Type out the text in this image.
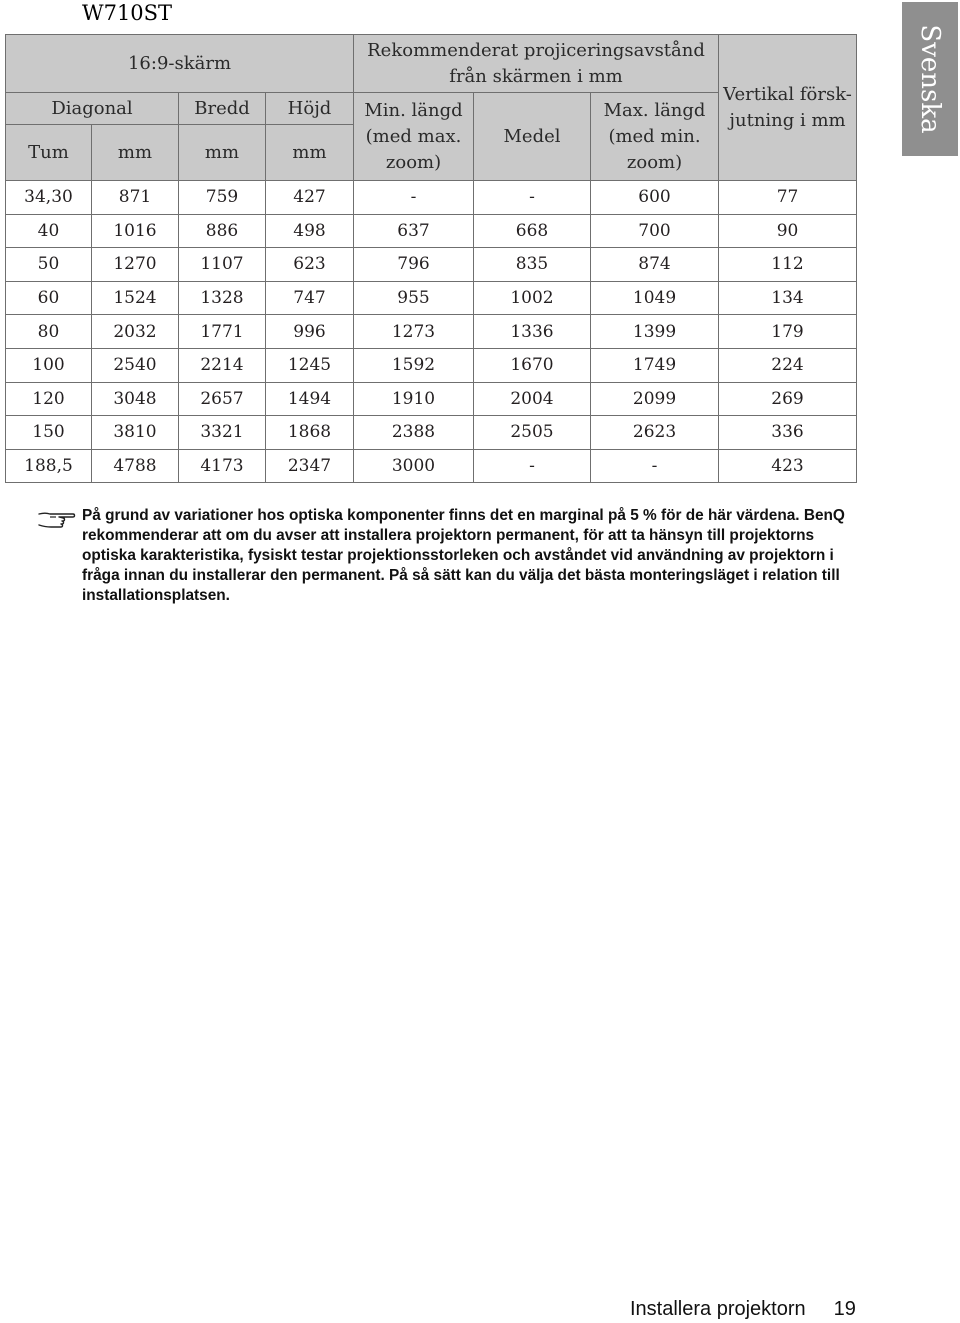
W710ST
Svenska
16:9-skärm				Rekommenderat projiceringsavstånd från skärmen i mm			Vertikal försk-jutning i mm
Diagonal		Bredd	Höjd	Min. längd (med max. zoom)	Medel	Max. längd (med min. zoom)	
Tum	mm	mm	mm				
34,30	871	759	427	-	-	600	77
40	1016	886	498	637	668	700	90
50	1270	1107	623	796	835	874	112
60	1524	1328	747	955	1002	1049	134
80	2032	1771	996	1273	1336	1399	179
100	2540	2214	1245	1592	1670	1749	224
120	3048	2657	1494	1910	2004	2099	269
150	3810	3321	1868	2388	2505	2623	336
188,5	4788	4173	2347	3000	-	-	423
På grund av variationer hos optiska komponenter finns det en marginal på 5 % för de här värdena. BenQ rekommenderar att om du avser att installera projektorn permanent, för att ta hänsyn till projektorns optiska karakteristika, fysiskt testar projektionsstorleken och avståndet vid användning av projektorn i fråga innan du installerar den permanent. På så sätt kan du välja det bästa monteringsläget i relation till installationsplatsen.
Installera projektorn 19
